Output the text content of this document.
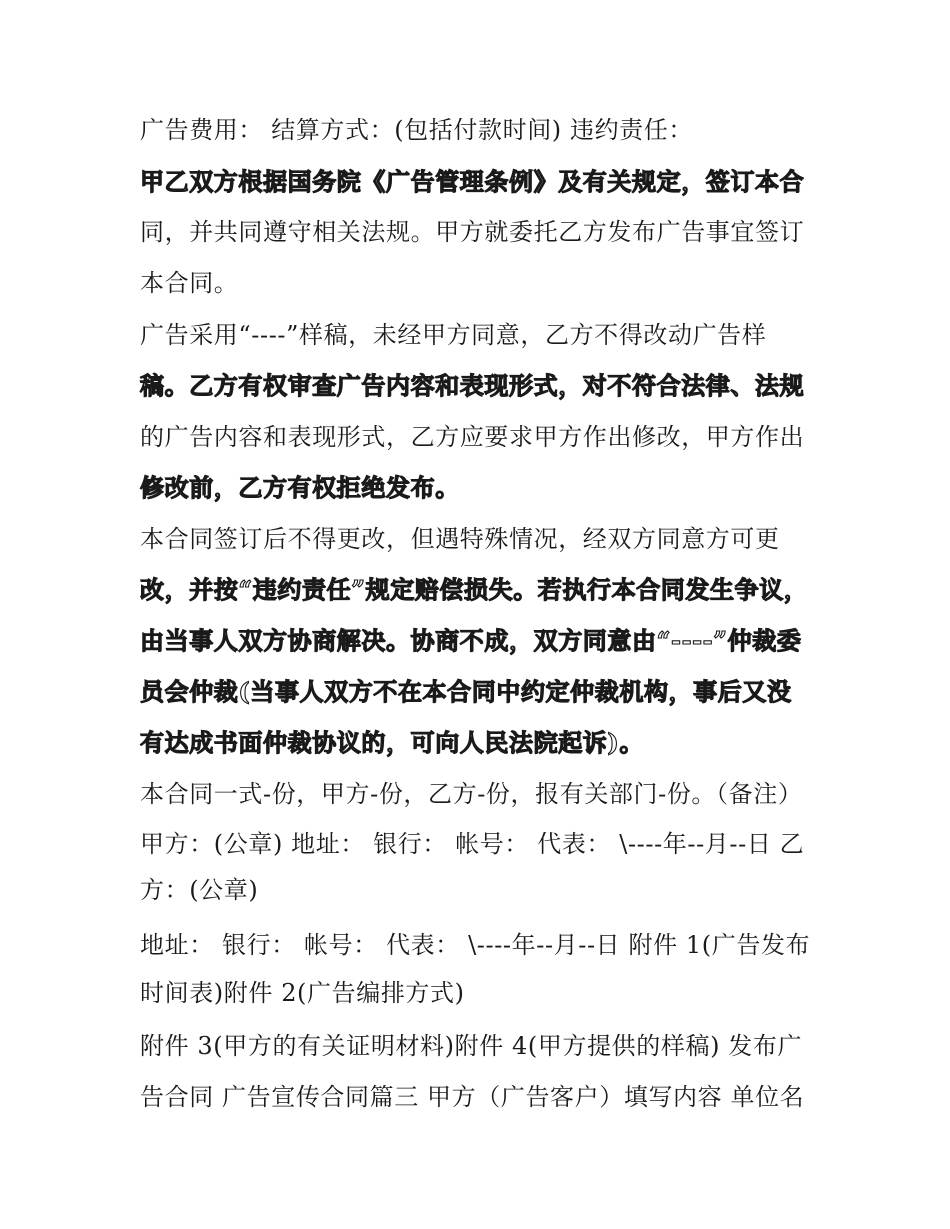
广告费用： 结算方式：(包括付款时间) 违约责任：
甲乙双方根据国务院《广告管理条例》及有关规定，签订本合
同，并共同遵守相关法规。甲方就委托乙方发布广告事宜签订
本合同。
广告采用“----”样稿，未经甲方同意，乙方不得改动广告样
稿。乙方有权审查广告内容和表现形式，对不符合法律、法规
的广告内容和表现形式，乙方应要求甲方作出修改，甲方作出
修改前，乙方有权拒绝发布。
本合同签订后不得更改，但遇特殊情况，经双方同意方可更
改，并按“违约责任”规定赔偿损失。若执行本合同发生争议，
由当事人双方协商解决。协商不成，双方同意由“----”仲裁委
员会仲裁(当事人双方不在本合同中约定仲裁机构，事后又没
有达成书面仲裁协议的，可向人民法院起诉)。
本合同一式-份，甲方-份，乙方-份，报有关部门-份。（备注）
甲方：(公章) 地址： 银行： 帐号： 代表： \----年--月--日 乙
方：(公章)
地址： 银行： 帐号： 代表： \----年--月--日 附件 1(广告发布
时间表)附件 2(广告编排方式)
附件 3(甲方的有关证明材料)附件 4(甲方提供的样稿) 发布广
告合同 广告宣传合同篇三 甲方（广告客户）填写内容 单位名
